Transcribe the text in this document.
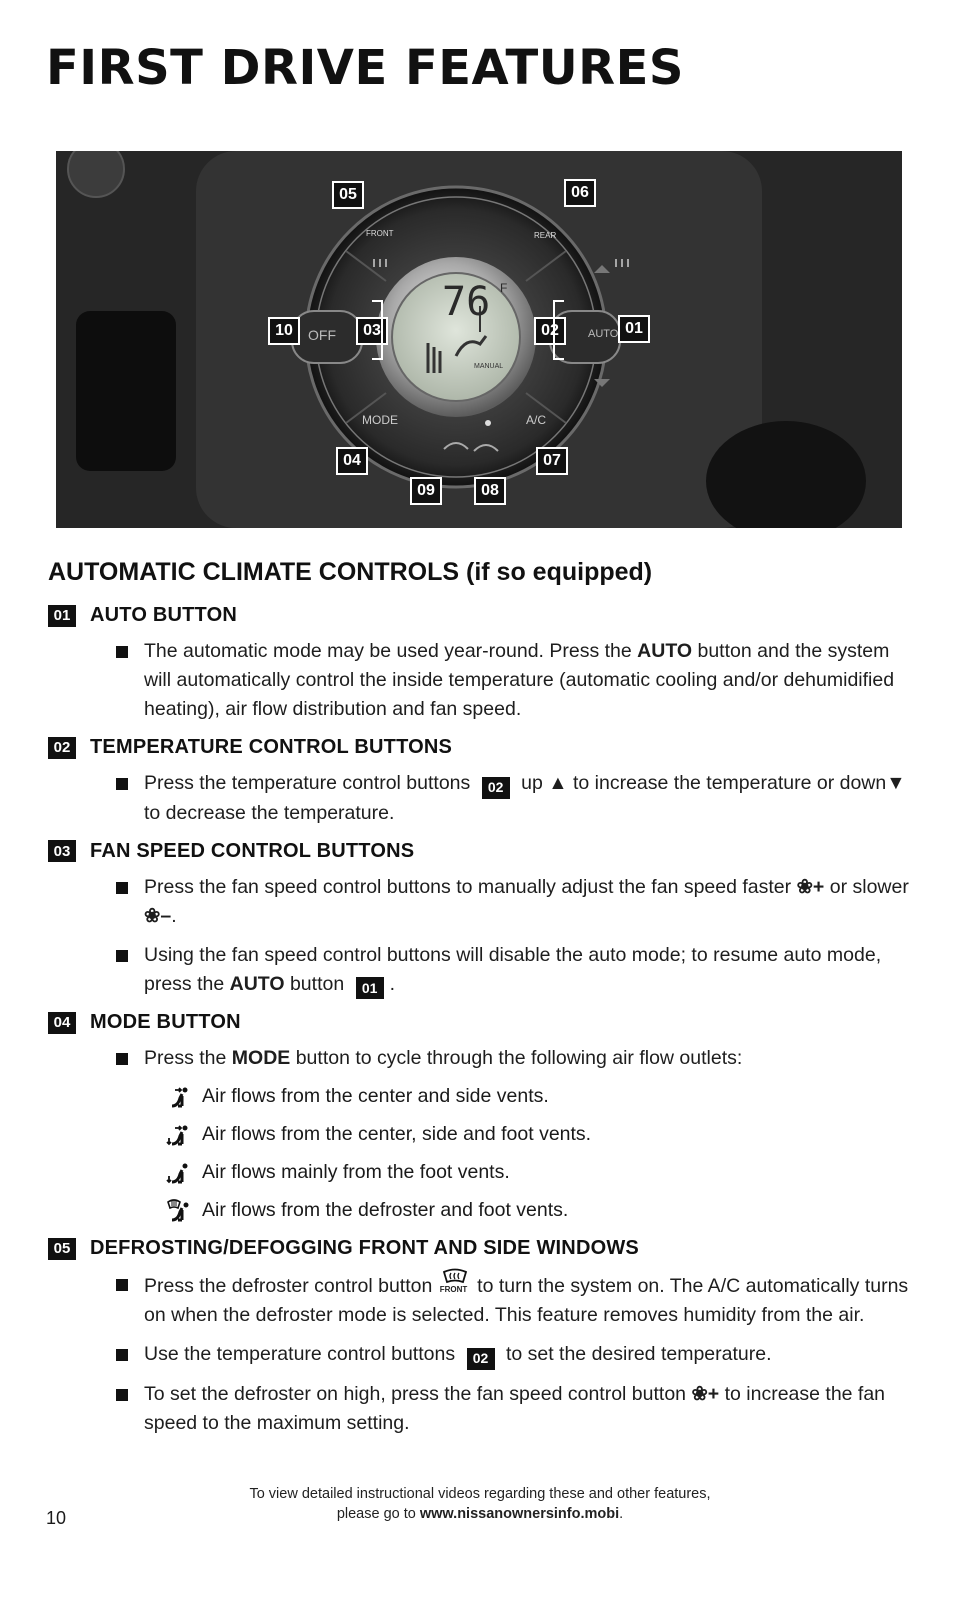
FIRST DRIVE FEATURES
76 F
MANUAL
FRONT	REAR
OFF	AUTO
MODE	A/C
05	06
10	03	02	01
04
09	08
07
AUTOMATIC CLIMATE CONTROLS (if so equipped)
01 AUTO BUTTON
The automatic mode may be used year-round. Press the AUTO button and the system will automatically control the inside temperature (automatic cooling and/or dehumidified heating), air flow distribution and fan speed.
02 TEMPERATURE CONTROL BUTTONS
Press the temperature control buttons 02 up ▲ to increase the temperature or down▼ to decrease the temperature.
03 FAN SPEED CONTROL BUTTONS
Press the fan speed control buttons to manually adjust the fan speed faster ❀+ or slower ❀–.
Using the fan speed control buttons will disable the auto mode; to resume auto mode, press the AUTO button 01 .
04 MODE BUTTON
Press the MODE button to cycle through the following air flow outlets:
Air flows from the center and side vents.
Air flows from the center, side and foot vents.
Air flows mainly from the foot vents.
Air flows from the defroster and foot vents.
05 DEFROSTING/DEFOGGING FRONT AND SIDE WINDOWS
Press the defroster control button FRONT to turn the system on. The A/C automatically turns on when the defroster mode is selected. This feature removes humidity from the air.
Use the temperature control buttons 02 to set the desired temperature.
To set the defroster on high, press the fan speed control button ❀+ to increase the fan speed to the maximum setting.
10
To view detailed instructional videos regarding these and other features,
please go to www.nissanownersinfo.mobi.
